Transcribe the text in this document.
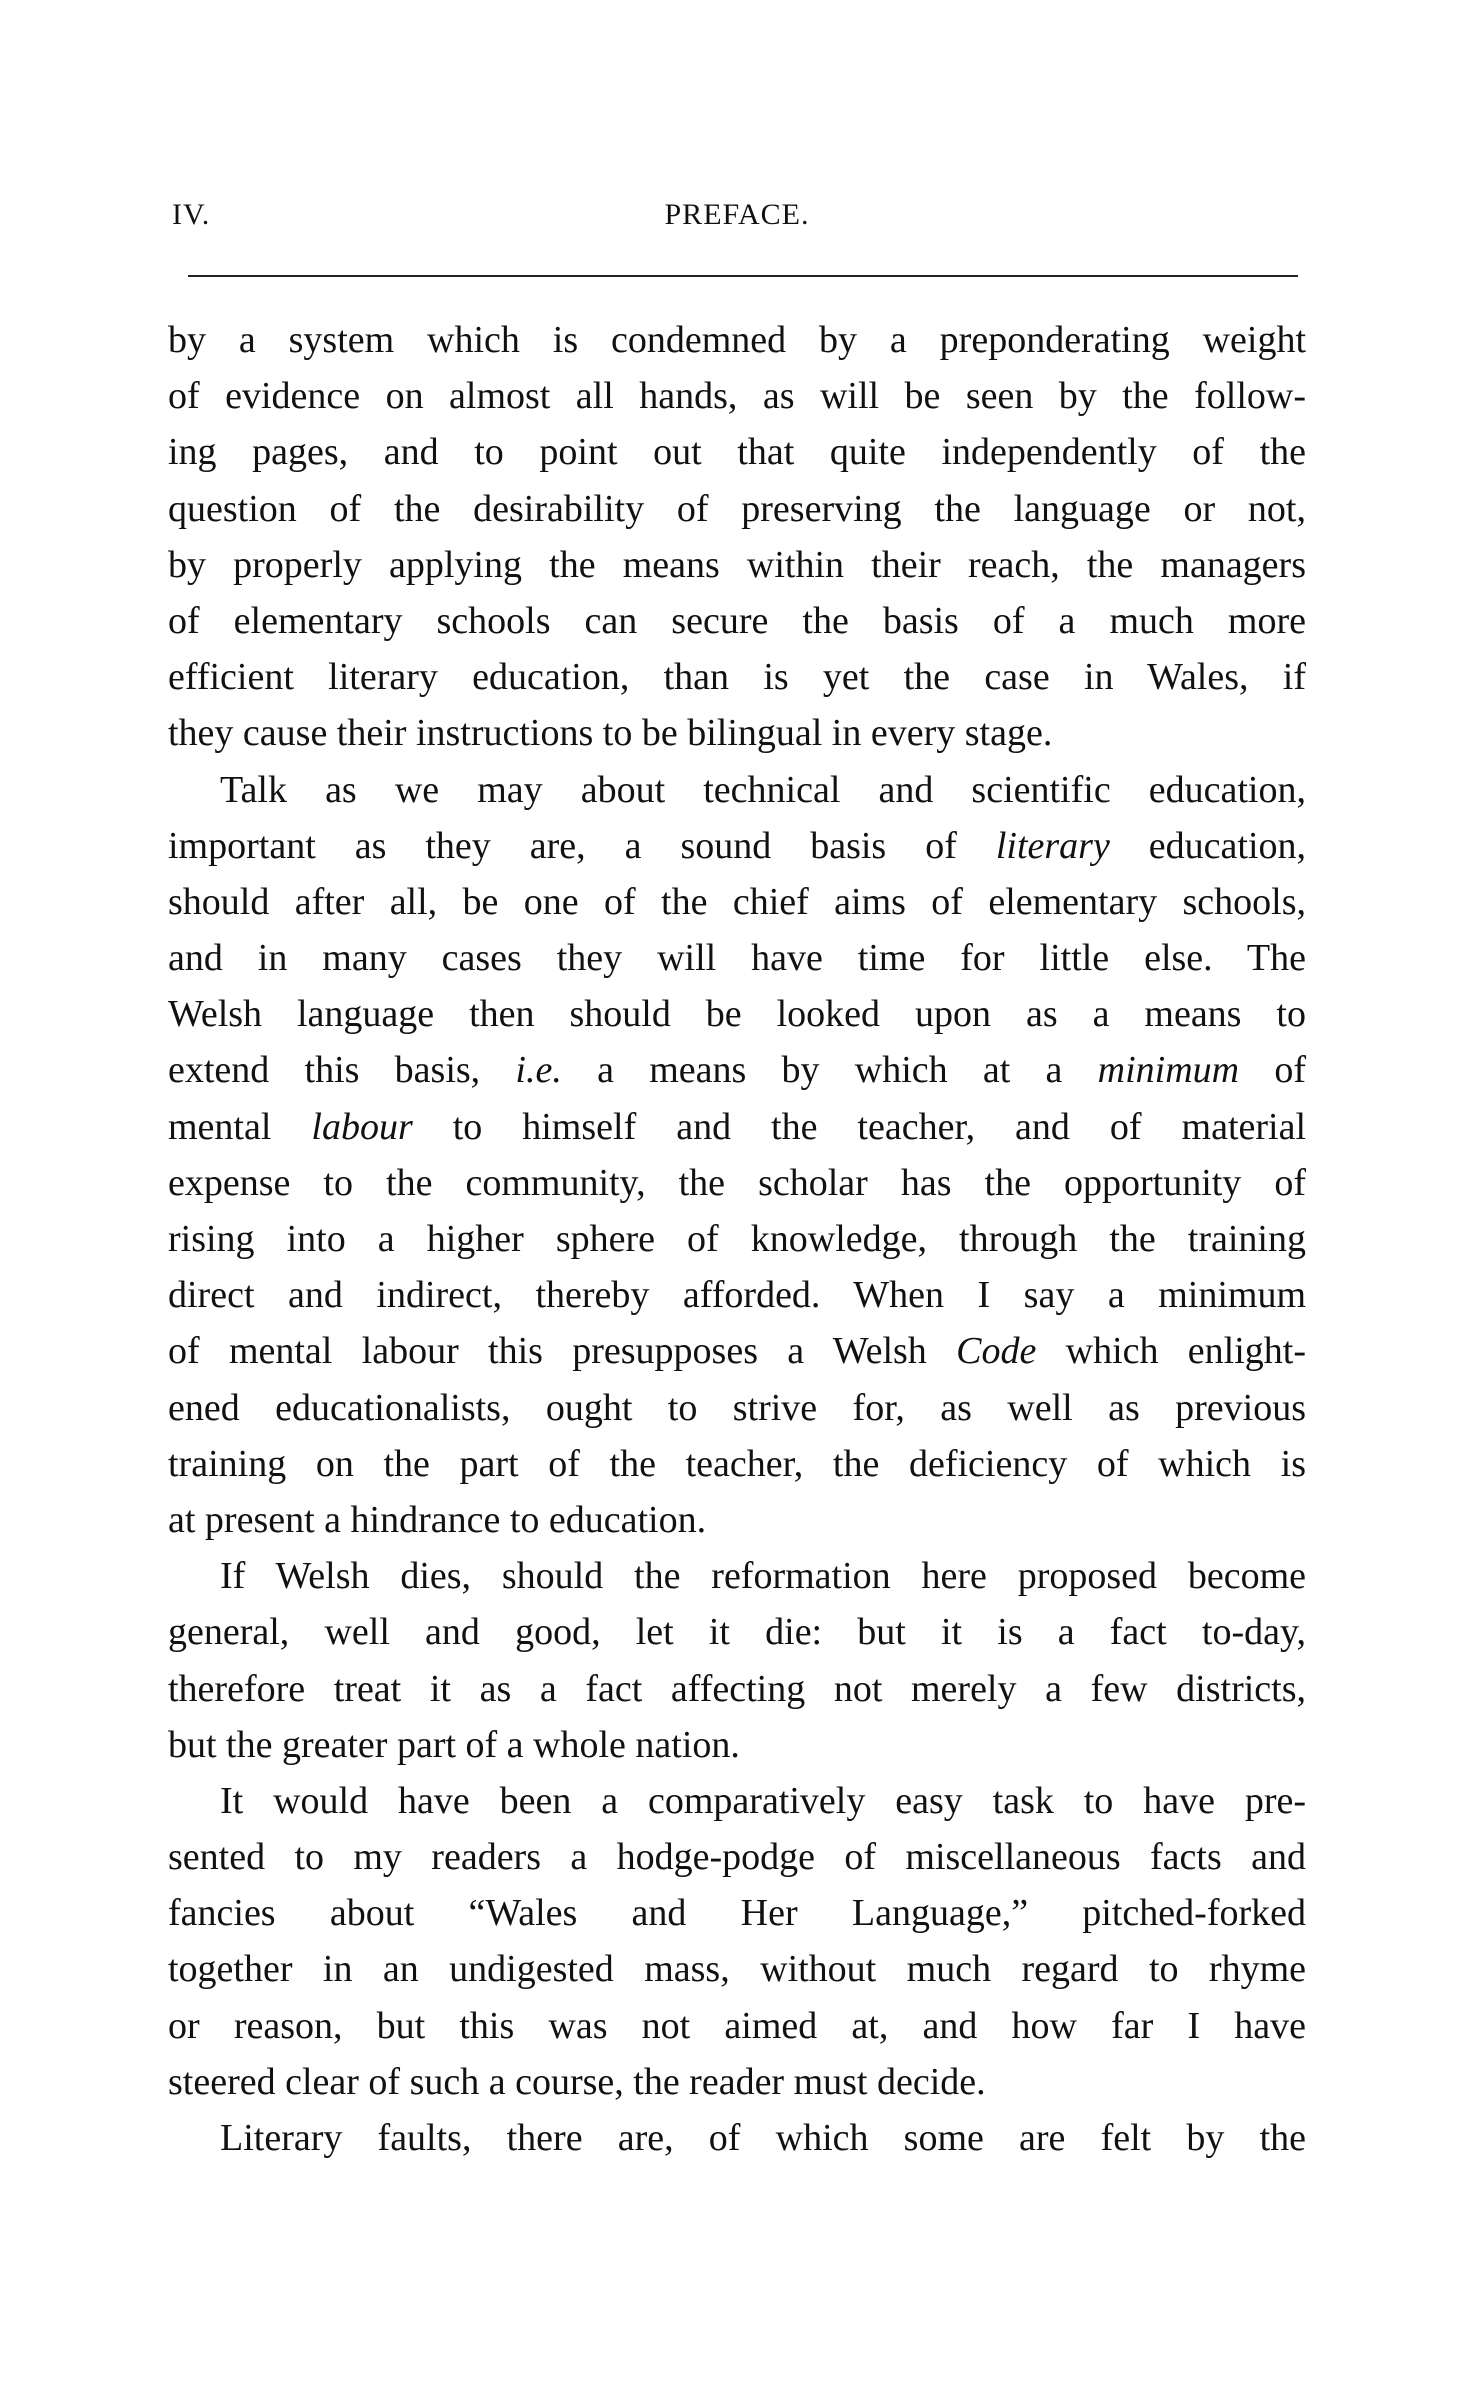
IV.	PREFACE.
by a system which is condemned by a preponderating weight
of evidence on almost all hands, as will be seen by the follow-
ing pages, and to point out that quite independently of the
question of the desirability of preserving the language or not,
by properly applying the means within their reach, the managers
of elementary schools can secure the basis of a much more
efficient literary education, than is yet the case in Wales, if
they cause their instructions to be bilingual in every stage.
Talk as we may about technical and scientific education,
important as they are, a sound basis of literary education,
should after all, be one of the chief aims of elementary schools,
and in many cases they will have time for little else. The
Welsh language then should be looked upon as a means to
extend this basis, i.e. a means by which at a minimum of
mental labour to himself and the teacher, and of material
expense to the community, the scholar has the opportunity of
rising into a higher sphere of knowledge, through the training
direct and indirect, thereby afforded. When I say a minimum
of mental labour this presupposes a Welsh Code which enlight-
ened educationalists, ought to strive for, as well as previous
training on the part of the teacher, the deficiency of which is
at present a hindrance to education.
If Welsh dies, should the reformation here proposed become
general, well and good, let it die: but it is a fact to-day,
therefore treat it as a fact affecting not merely a few districts,
but the greater part of a whole nation.
It would have been a comparatively easy task to have pre-
sented to my readers a hodge-podge of miscellaneous facts and
fancies about “Wales and Her Language,” pitched-forked
together in an undigested mass, without much regard to rhyme
or reason, but this was not aimed at, and how far I have
steered clear of such a course, the reader must decide.
Literary faults, there are, of which some are felt by the
